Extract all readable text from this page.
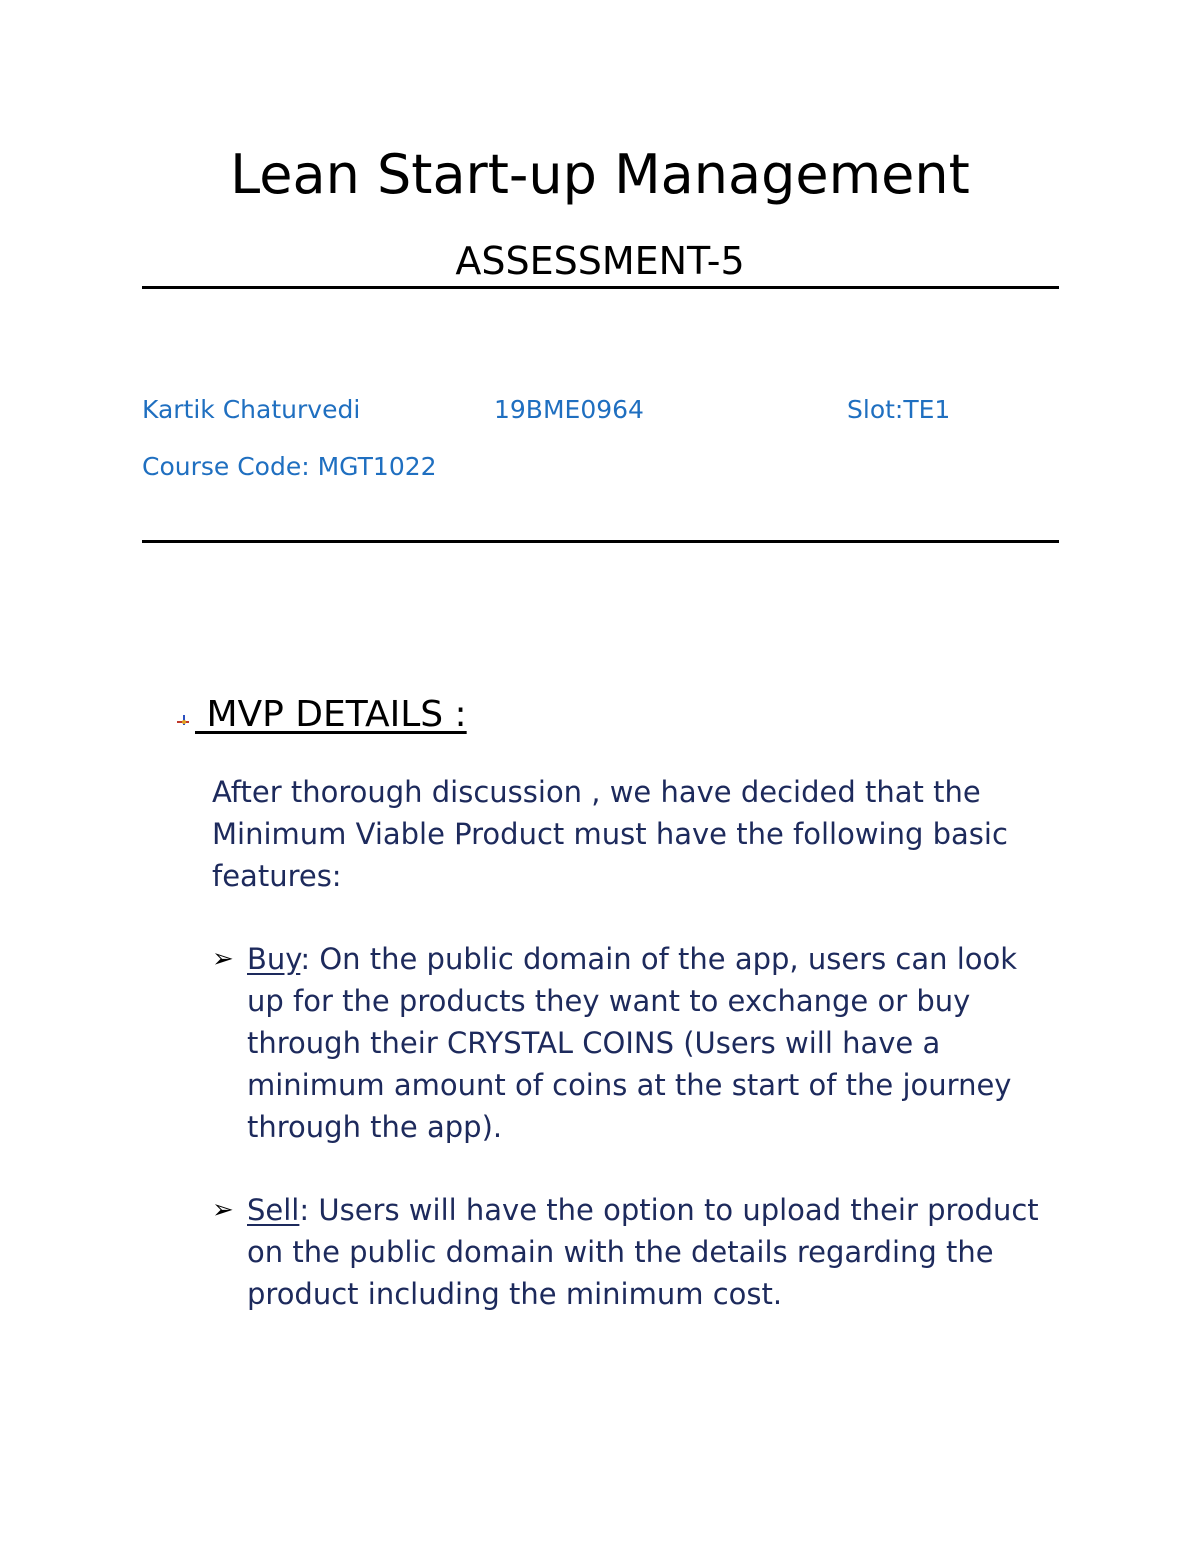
Lean Start-up Management
ASSESSMENT-5
Kartik Chaturvedi	19BME0964	Slot:TE1
Course Code: MGT1022
MVP DETAILS :
After thorough discussion , we have decided that the Minimum Viable Product must have the following basic features:
➢ Buy: On the public domain of the app, users can look up for the products they want to exchange or buy through their CRYSTAL COINS (Users will have a minimum amount of coins at the start of the journey through the app).
➢ Sell: Users will have the option to upload their product on the public domain with the details regarding the product including the minimum cost.
